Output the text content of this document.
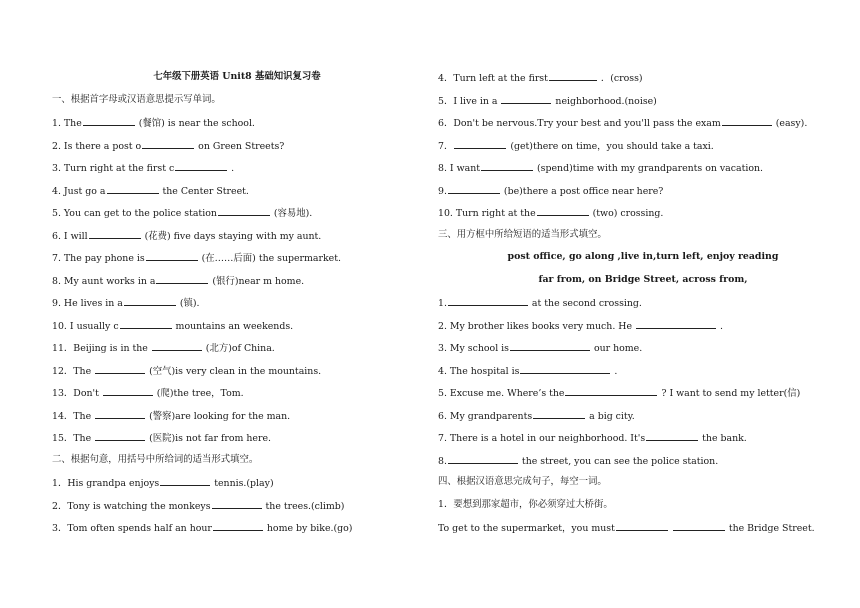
七年级下册英语 Unit8 基础知识复习卷
一、根据首字母或汉语意思提示写单词。
1. The	(餐馆) is near the school.
2. Is there a post o	on Green Streets?
3. Turn right at the first c	.
4. Just go a	the Center Street.
5. You can get to the police station	(容易地).
6. I will	(花费) five days staying with my aunt.
7. The pay phone is	(在……后面) the supermarket.
8. My aunt works in a	(银行)near m home.
9. He lives in a	(镇).
10. I usually c	mountains an weekends.
11．Beijing is in the	(北方)of China.
12．The	(空气)is very clean in the mountains.
13．Don't	(爬)the tree，Tom.
14．The	(警察)are looking for the man.
15．The	(医院)is not far from here.
二、根据句意，用括号中所给词的适当形式填空。
1．His grandpa enjoys	tennis.(play)
2．Tony is watching the monkeys	the trees.(climb)
3．Tom often spends half an hour	home by bike.(go)
4．Turn left at the first	．(cross)
5．I live in a	neighborhood.(noise)
6．Don't be nervous.Try your best and you'll pass the exam	(easy).
7．	(get)there on time，you should take a taxi.
8. I want	(spend)time with my grandparents on vacation.
9.	(be)there a post office near here?
10. Turn right at the	(two) crossing.
三、用方框中所给短语的适当形式填空。
post office, go along ,live in,turn left, enjoy reading
far from, on Bridge Street, across from,
1.	at the second crossing.
2. My brother likes books very much. He	.
3. My school is	our home.
4. The hospital is	.
5. Excuse me. Where’s the	? I want to send my letter(信)
6. My grandparents	a big city.
7. There is a hotel in our neighborhood. It's	the bank.
8.	the street, you can see the police station.
四、根据汉语意思完成句子，每空一词。
1．要想到那家超市，你必须穿过大桥街。
To get to the supermarket，you must	the Bridge Street.
